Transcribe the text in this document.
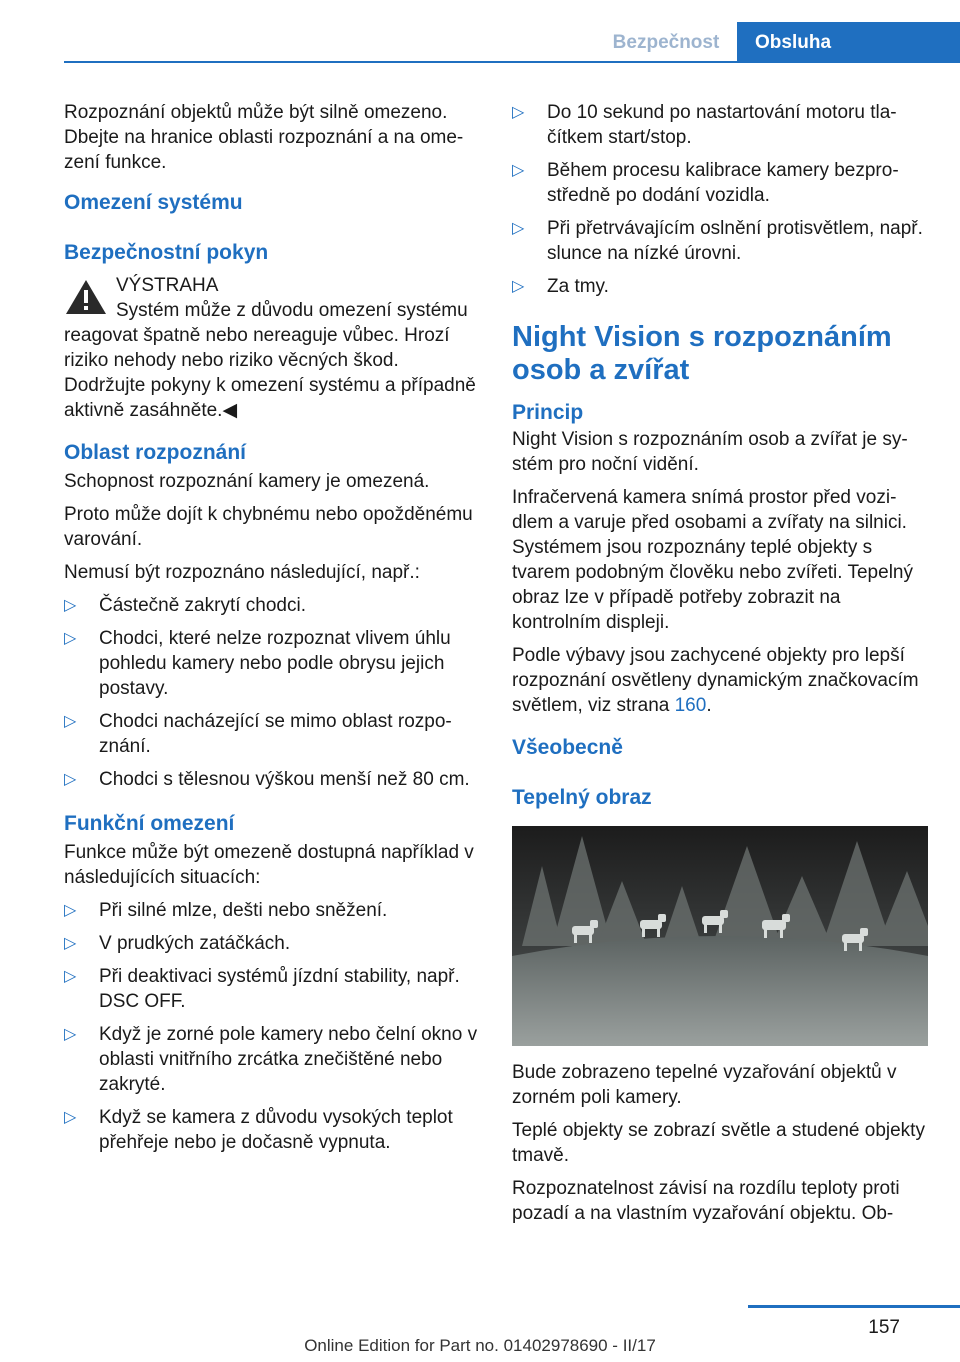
Bezpečnost	Obsluha

Rozpoznání objektů může být silně omezeno. Dbejte na hranice oblasti rozpoznání a na omezení funkce.

Omezení systému
Bezpečnostní pokyn
VÝSTRAHA

Systém může z důvodu omezení systému reagovat špatně nebo nereaguje vůbec. Hrozí riziko nehody nebo riziko věcných škod. Dodržujte pokyny k omezení systému a případně aktivně zasáhněte.◀

Oblast rozpoznání

Schopnost rozpoznání kamery je omezená.

Proto může dojít k chybnému nebo opožděnému varování.

Nemusí být rozpoznáno následující, např.:

▷ Částečně zakrytí chodci.
▷ Chodci, které nelze rozpoznat vlivem úhlu pohledu kamery nebo podle obrysu jejich postavy.
▷ Chodci nacházející se mimo oblast rozpoznání.
▷ Chodci s tělesnou výškou menší než 80 cm.
Funkční omezení

Funkce může být omezeně dostupná například v následujících situacích:

▷ Při silné mlze, dešti nebo sněžení.
▷ V prudkých zatáčkách.
▷ Při deaktivaci systémů jízdní stability, např. DSC OFF.
▷ Když je zorné pole kamery nebo čelní okno v oblasti vnitřního zrcátka znečištěné nebo zakryté.
▷ Když se kamera z důvodu vysokých teplot přehřeje nebo je dočasně vypnuta.
▷ Do 10 sekund po nastartování motoru tlačítkem start/stop.
▷ Během procesu kalibrace kamery bezprostředně po dodání vozidla.
▷ Při přetrvávajícím oslnění protisvětlem, např. slunce na nízké úrovni.
▷ Za tmy.
Night Vision s rozpoznáním osob a zvířat
Princip

Night Vision s rozpoznáním osob a zvířat je systém pro noční vidění.

Infračervená kamera snímá prostor před vozidlem a varuje před osobami a zvířaty na silnici. Systémem jsou rozpoznány teplé objekty s tvarem podobným člověku nebo zvířeti. Tepelný obraz lze v případě potřeby zobrazit na kontrolním displeji.

Podle výbavy jsou zachycené objekty pro lepší rozpoznání osvětleny dynamickým značkovacím světlem, viz strana 160.

Všeobecně
Tepelný obraz

Bude zobrazeno tepelné vyzařování objektů v zorném poli kamery.

Teplé objekty se zobrazí světle a studené objekty tmavě.

Rozpoznatelnost závisí na rozdílu teploty proti pozadí a na vlastním vyzařování objektu. Ob-

157
Online Edition for Part no. 01402978690 - II/17
